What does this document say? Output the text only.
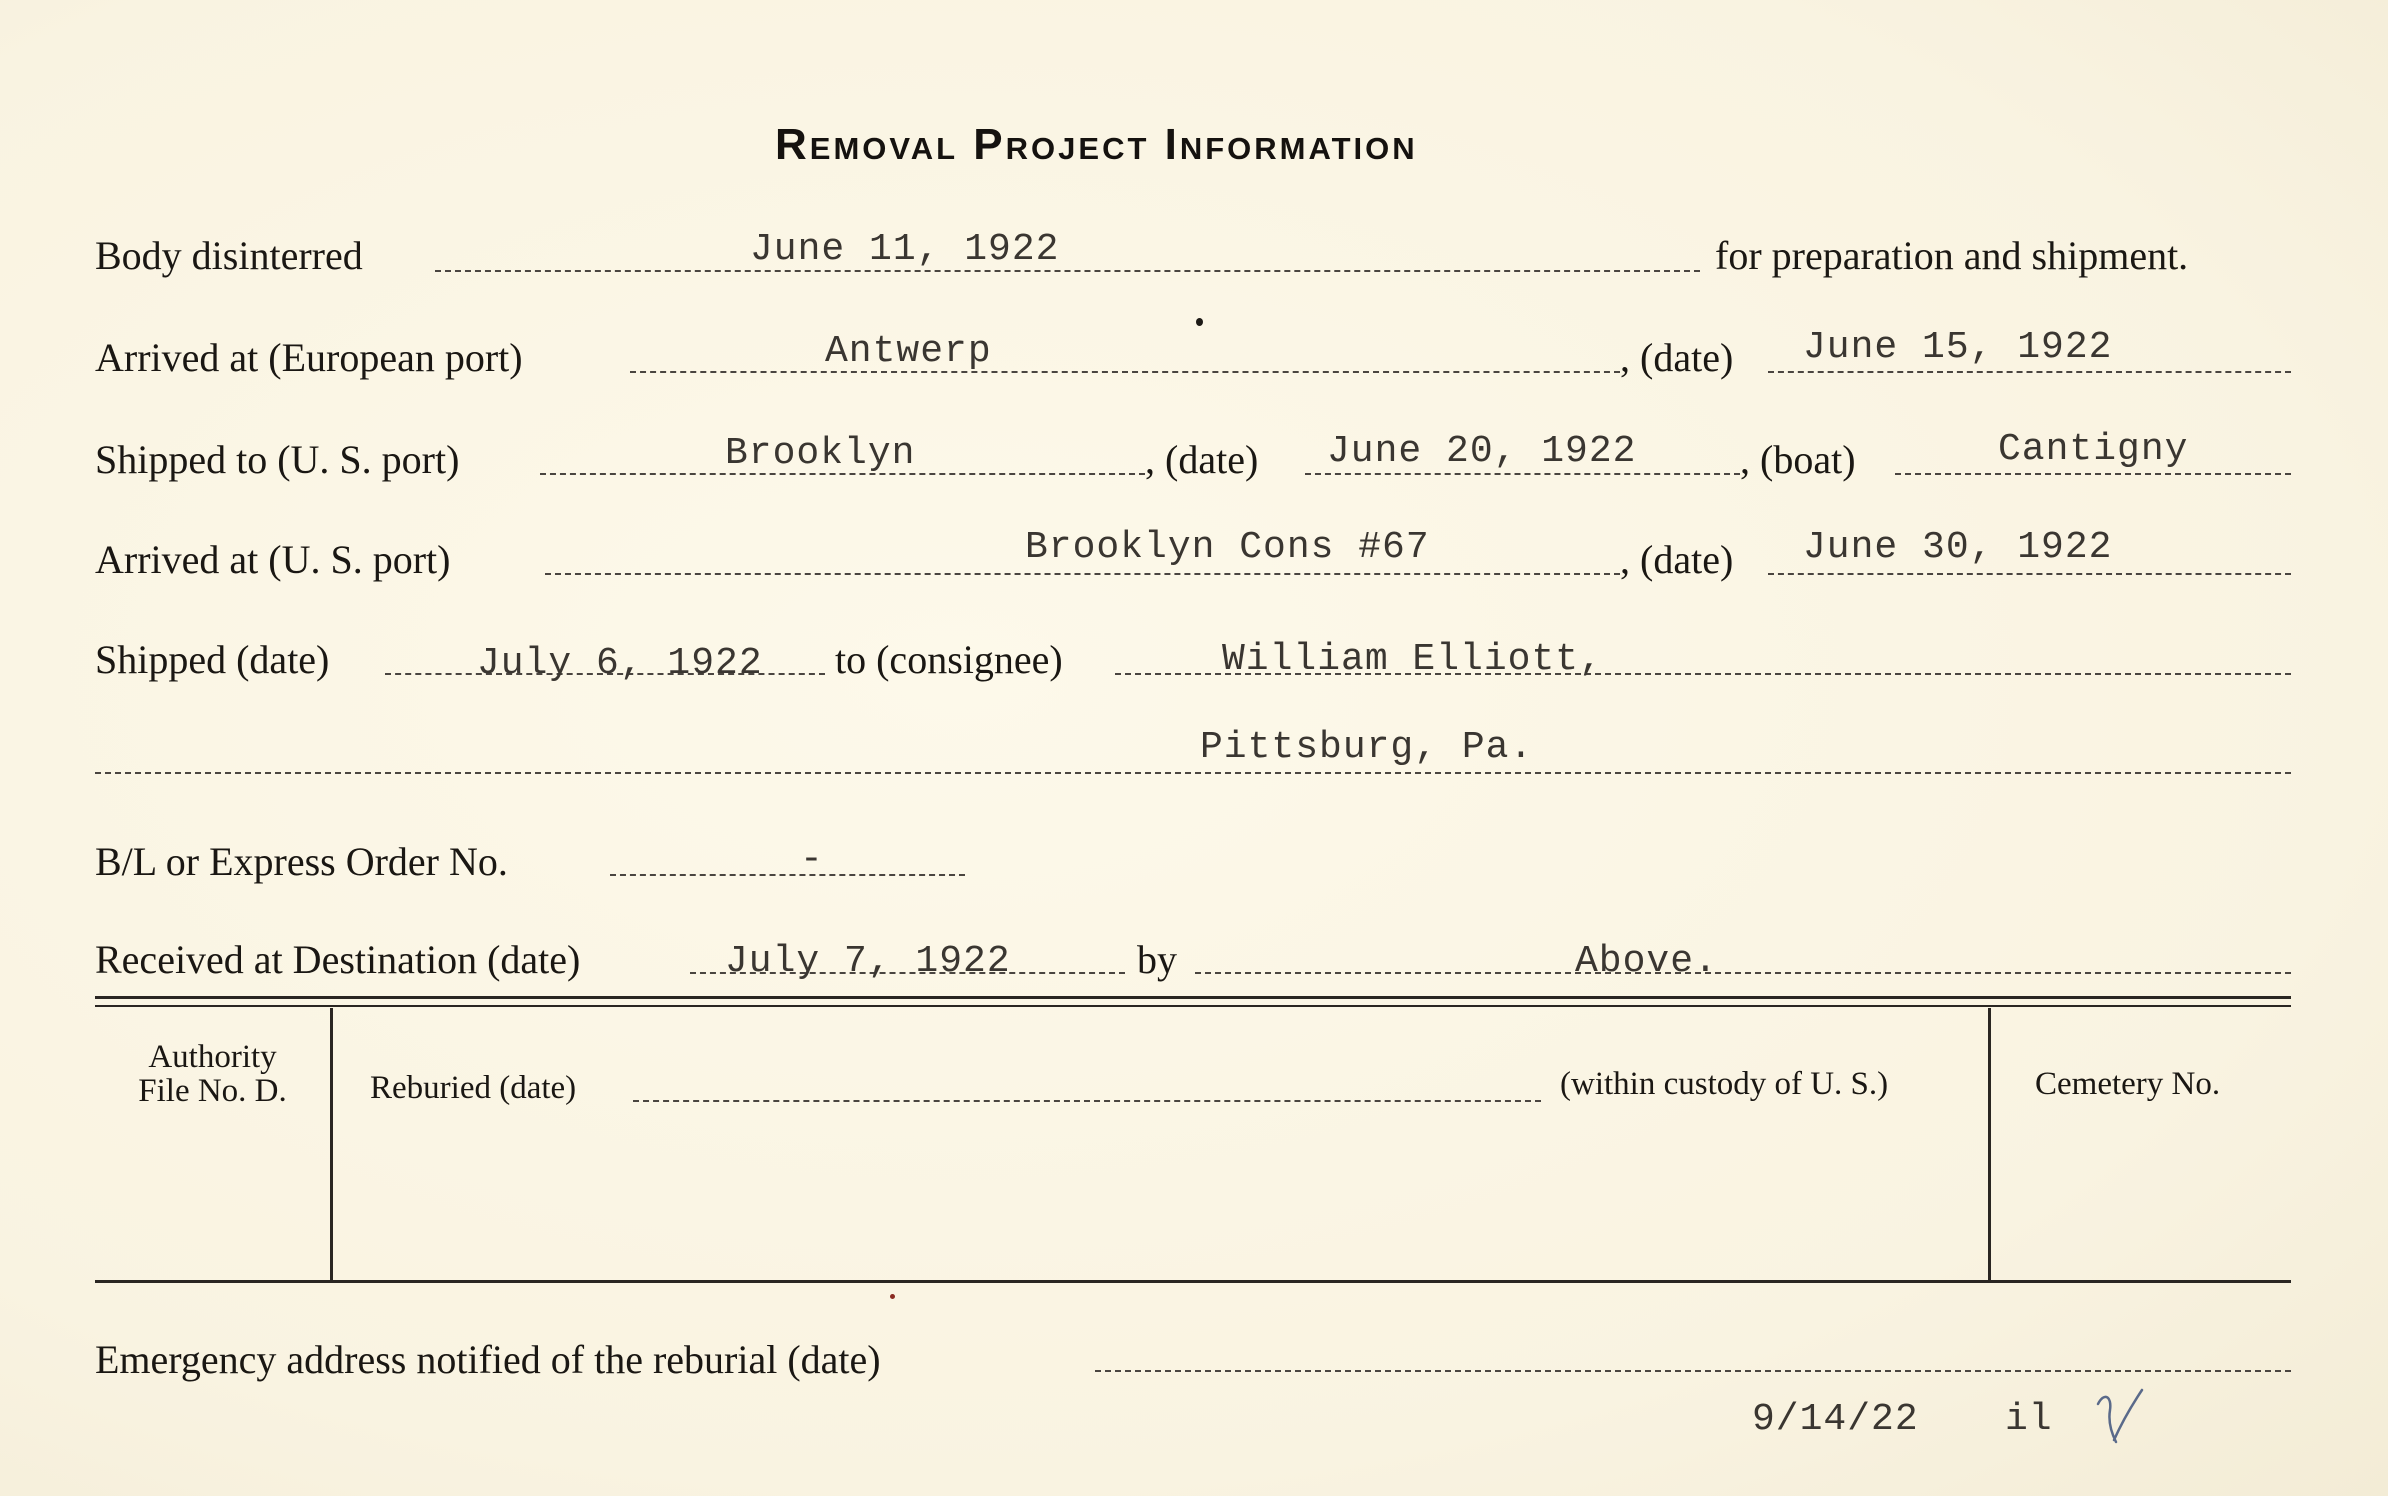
Removal Project Information
Body disinterred	June 11, 1922	for preparation and shipment.
Arrived at (European port)	Antwerp	, (date) June 15, 1922
Shipped to (U. S. port)	Brooklyn	, (date) June 20, 1922	, (boat)	Cantigny
Arrived at (U. S. port)	Brooklyn Cons #67	, (date) June 30, 1922
Shipped (date)	July 6, 1922 to (consignee)	William Elliott,
Pittsburg, Pa.
B/L or Express Order No.	-
Received at Destination (date)	July 7, 1922	by	Above.
Authority
File No. D.	Reburied (date)	(within custody of U. S.)	Cemetery No.
Emergency address notified of the reburial (date)
9/14/22 il
